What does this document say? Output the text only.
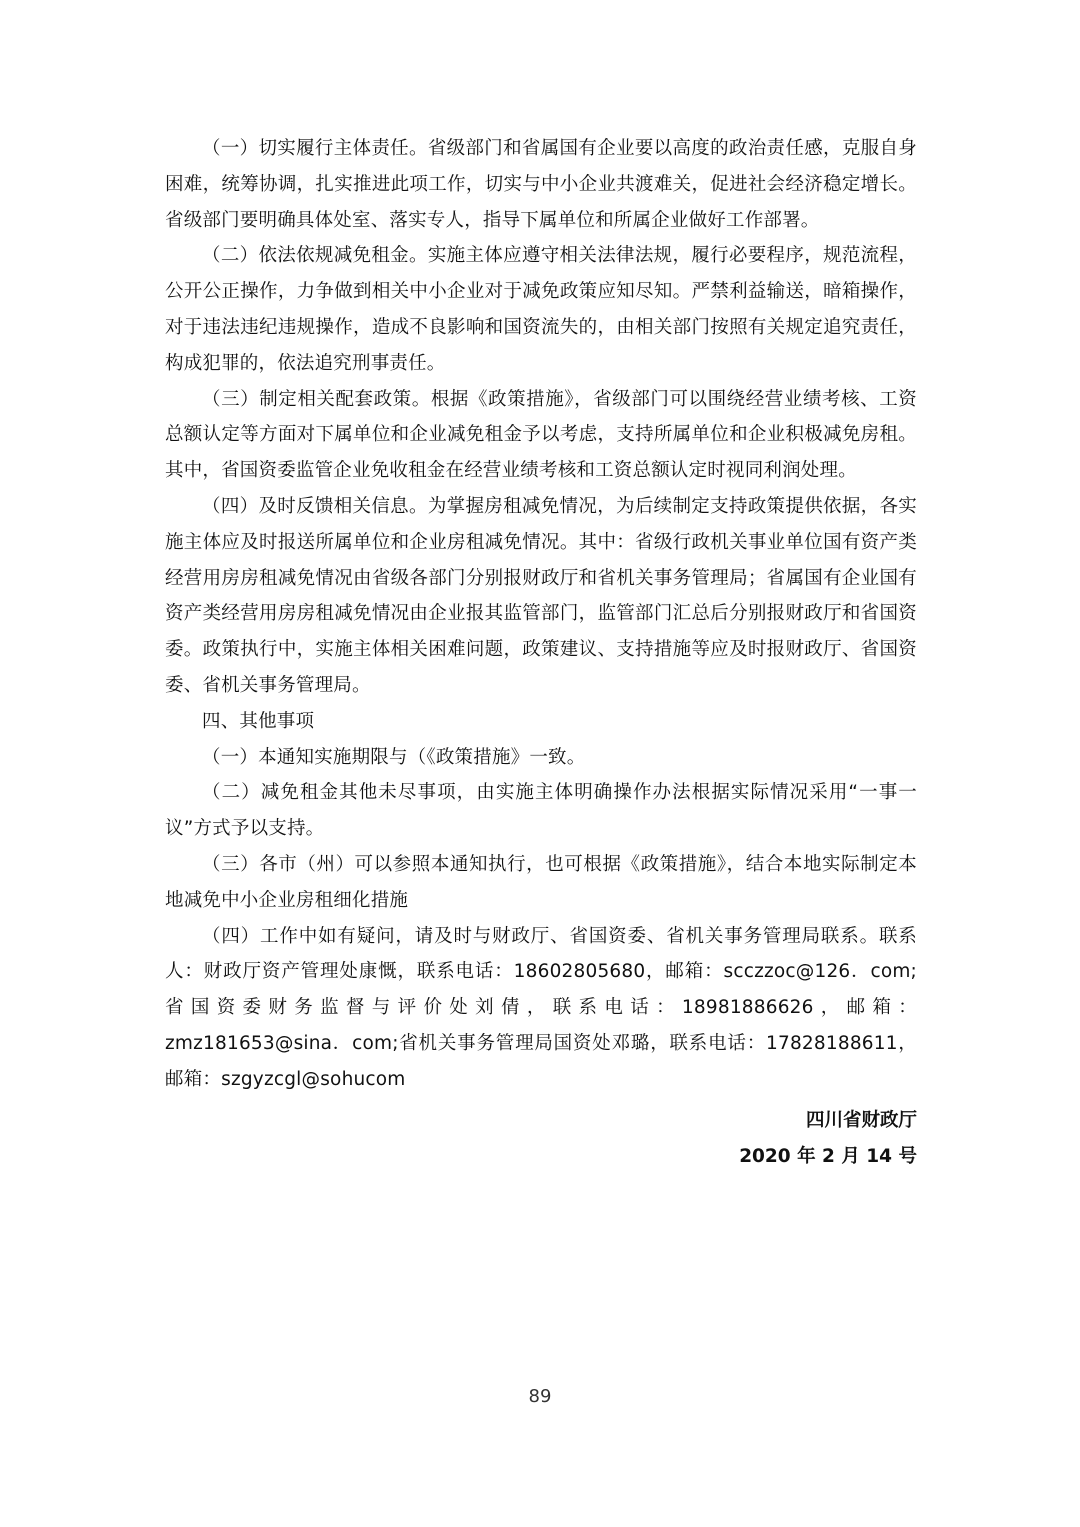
（一）切实履行主体责任。省级部门和省属国有企业要以高度的政治责任感，克服自身困难，统筹协调，扎实推进此项工作，切实与中小企业共渡难关，促进社会经济稳定增长。省级部门要明确具体处室、落实专人，指导下属单位和所属企业做好工作部署。

（二）依法依规减免租金。实施主体应遵守相关法律法规，履行必要程序，规范流程，公开公正操作，力争做到相关中小企业对于减免政策应知尽知。严禁利益输送，暗箱操作，对于违法违纪违规操作，造成不良影响和国资流失的，由相关部门按照有关规定追究责任，构成犯罪的，依法追究刑事责任。

（三）制定相关配套政策。根据《政策措施》，省级部门可以围绕经营业绩考核、工资总额认定等方面对下属单位和企业减免租金予以考虑，支持所属单位和企业积极减免房租。其中，省国资委监管企业免收租金在经营业绩考核和工资总额认定时视同利润处理。

（四）及时反馈相关信息。为掌握房租减免情况，为后续制定支持政策提供依据，各实施主体应及时报送所属单位和企业房租减免情况。其中：省级行政机关事业单位国有资产类经营用房房租减免情况由省级各部门分别报财政厅和省机关事务管理局；省属国有企业国有资产类经营用房房租减免情况由企业报其监管部门，监管部门汇总后分别报财政厅和省国资委。政策执行中，实施主体相关困难问题，政策建议、支持措施等应及时报财政厅、省国资委、省机关事务管理局。

四、其他事项

（一）本通知实施期限与（《政策措施》一致。

（二）减免租金其他未尽事项，由实施主体明确操作办法根据实际情况采用“一事一议”方式予以支持。

（三）各市（州）可以参照本通知执行，也可根据《政策措施》，结合本地实际制定本地减免中小企业房租细化措施

（四）工作中如有疑问，请及时与财政厅、省国资委、省机关事务管理局联系。联系人：财政厅资产管理处康慨，联系电话：18602805680，邮箱：scczzoc@126．com;省国资委财务监督与评价处刘倩，联系电话：18981886626，邮箱：zmz181653@sina．com;省机关事务管理局国资处邓璐，联系电话：17828188611，邮箱：szgyzcgl@sohucom

四川省财政厅
2020 年 2 月 14 号
89
